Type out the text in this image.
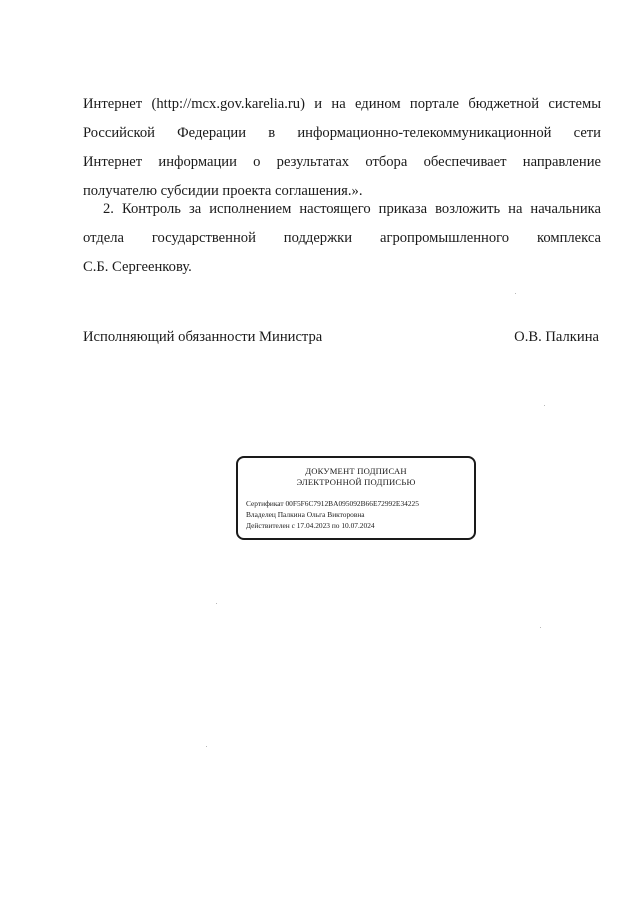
Интернет (http://mcx.gov.karelia.ru) и на едином портале бюджетной системы
Российской Федерации в информационно-телекоммуникационной сети
Интернет информации о результатах отбора обеспечивает направление
получателю субсидии проекта соглашения.».
2. Контроль за исполнением настоящего приказа возложить на начальника
отдела государственной поддержки агропромышленного комплекса
С.Б. Сергеенкову.
Исполняющий обязанности Министра	О.В. Палкина
ДОКУМЕНТ ПОДПИСАН
ЭЛЕКТРОННОЙ ПОДПИСЬЮ
Сертификат 00F5F6C7912BA095092B66E72992E34225
Владелец Палкина Ольга Викторовна
Действителен с 17.04.2023 по 10.07.2024
